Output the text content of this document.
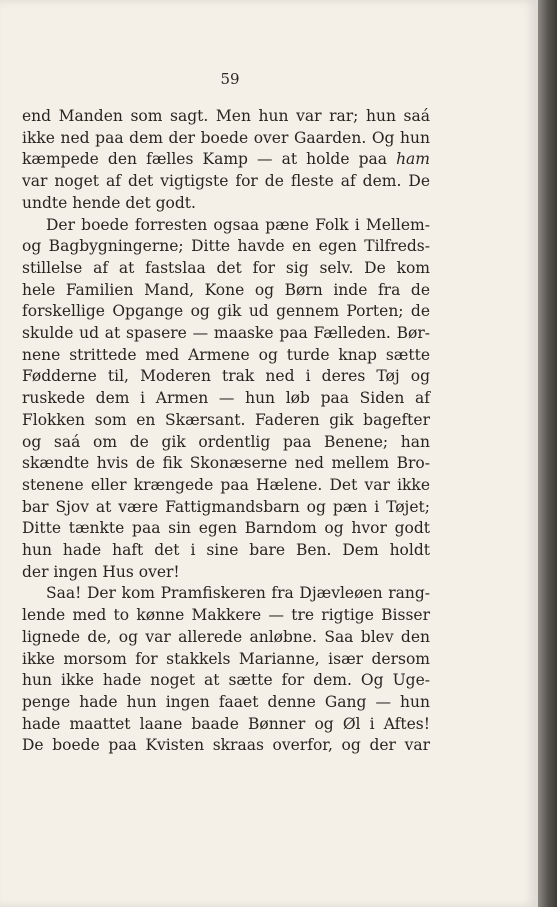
59
end Manden som sagt. Men hun var rar; hun saá
ikke ned paa dem der boede over Gaarden. Og hun
kæmpede den fælles Kamp — at holde paa ham
var noget af det vigtigste for de fleste af dem. De
undte hende det godt.
Der boede forresten ogsaa pæne Folk i Mellem-
og Bagbygningerne; Ditte havde en egen Tilfreds-
stillelse af at fastslaa det for sig selv. De kom
hele Familien Mand, Kone og Børn inde fra de
forskellige Opgange og gik ud gennem Porten; de
skulde ud at spasere — maaske paa Fælleden. Bør-
nene strittede med Armene og turde knap sætte
Fødderne til, Moderen trak ned i deres Tøj og
ruskede dem i Armen — hun løb paa Siden af
Flokken som en Skærsant. Faderen gik bagefter
og saá om de gik ordentlig paa Benene; han
skændte hvis de fik Skonæserne ned mellem Bro-
stenene eller krængede paa Hælene. Det var ikke
bar Sjov at være Fattigmandsbarn og pæn i Tøjet;
Ditte tænkte paa sin egen Barndom og hvor godt
hun hade haft det i sine bare Ben. Dem holdt
der ingen Hus over!
Saa! Der kom Pramfiskeren fra Djævleøen rang-
lende med to kønne Makkere — tre rigtige Bisser
lignede de, og var allerede anløbne. Saa blev den
ikke morsom for stakkels Marianne, især dersom
hun ikke hade noget at sætte for dem. Og Uge-
penge hade hun ingen faaet denne Gang — hun
hade maattet laane baade Bønner og Øl i Aftes!
De boede paa Kvisten skraas overfor, og der var
